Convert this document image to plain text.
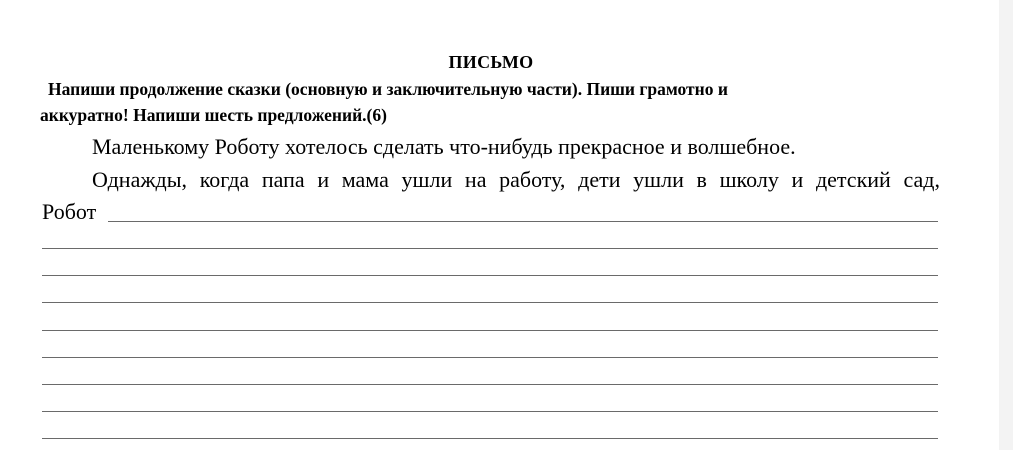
ПИСЬМО
Напиши продолжение сказки (основную и заключительную части). Пиши грамотно и
аккуратно! Напиши шесть предложений.(6)
Маленькому Роботу хотелось сделать что-нибудь прекрасное и волшебное.
Однажды, когда папа и мама ушли на работу, дети ушли в школу и детский сад,
Робот
